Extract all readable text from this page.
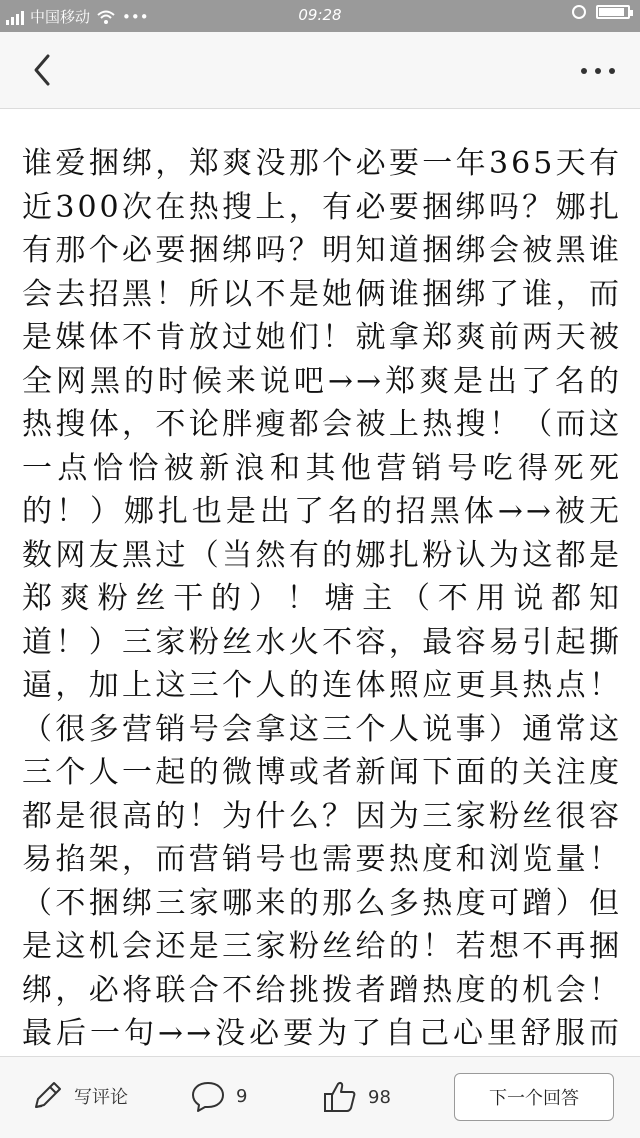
中国移动 •••	09:28
谁爱捆绑，郑爽没那个必要一年365天有近300次在热搜上，有必要捆绑吗？娜扎有那个必要捆绑吗？明知道捆绑会被黑谁会去招黑！所以不是她俩谁捆绑了谁，而是媒体不肯放过她们！就拿郑爽前两天被全网黑的时候来说吧→→郑爽是出了名的热搜体，不论胖瘦都会被上热搜！（而这一点恰恰被新浪和其他营销号吃得死死的！）娜扎也是出了名的招黑体→→被无数网友黑过（当然有的娜扎粉认为这都是郑爽粉丝干的）！塘主（不用说都知道！）三家粉丝水火不容，最容易引起撕逼，加上这三个人的连体照应更具热点！（很多营销号会拿这三个人说事）通常这三个人一起的微博或者新闻下面的关注度都是很高的！为什么？因为三家粉丝很容易掐架，而营销号也需要热度和浏览量！（不捆绑三家哪来的那么多热度可蹭）但是这机会还是三家粉丝给的！若想不再捆绑，必将联合不给挑拨者蹭热度的机会！最后一句→→没必要为了自己心里舒服而
写评论	9	98	下一个回答
